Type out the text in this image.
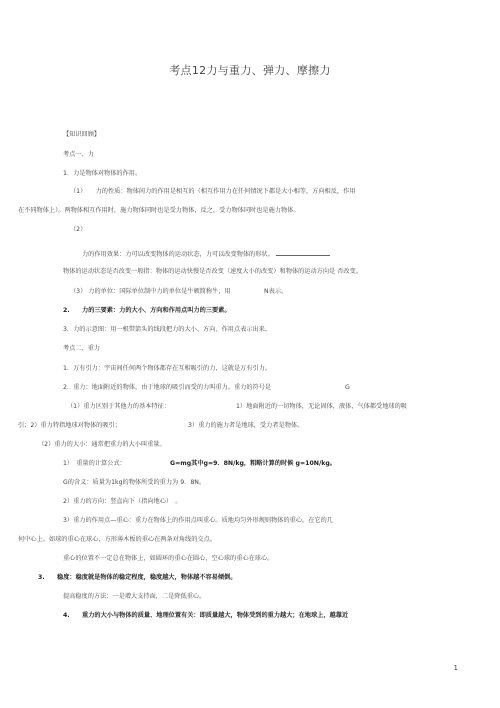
考点12力与重力、弹力、摩擦力
【知识回顾】
考点一、力
1．力是物体对物体的作用。
（1）　　力的性质：物体间力的作用是相互的（相互作用力在任何情况下都是大小相等，方向相反，作用
在不同物体上）。两物体相互作用时，施力物体同时也是受力物体，反之，受力物体同时也是施力物体。
（2）
力的作用效果：力可以改变物体的运动状态，力可以改变物体的形状。
物体的运动状态是否改变一般指：物体的运动快慢是否改变（速度大小的改变）和物体的运动方向是 否改变。
（3） 力的单位：国际单位制中力的单位是牛顿简称牛，用	N表示。
2.　　力的三要素：力的大小、方向和作用点叫力的三要素。
3．力的示意图：用一根带箭头的线段把力的大小、方向、作用点表示出来。
考点二、重力
1．万有引力：宇宙间任何两个物体都存在互相吸引的力，这就是万有引力。
2．重力：地面附近的物体，由于地球的吸引而受的力叫重力。重力的符号是	G
（1）重力区别于其他力的基本特征：	1）地面附近的一切物体，无论固体，液体，气体都受地球的吸
引；2）重力特指地球对物体的吸引；	3）重力的施力者是地球，受力者是物体。
（2）重力的大小：通常把重力的大小叫重量。
1）　重量的计算公式：	G=mg其中g=9．8N/kg，粗略计算的时候 g=10N/kg。
G的含义：质量为1kg的物体所受的重力为 9．8N。
2）重力的方向：竖直向下（指向地心）　。
3）重力的作用点—重心：重力在物体上的作用点叫重心。质地均匀外形规则物体的重心，在它的几
何中心上。如球的重心在球心，方形薄木板的重心在两条对角线的交点。
重心的位置不一定总在物体上，如圆环的重心在圆心，空心球的重心在球心。
3.　　稳度：稳度就是物体的稳定程度，稳度越大，物体越不容易倾倒。
提高稳度的方法：一是增大支持面，二是降低重心。
4.　　重力的大小与物体的质量、地理位置有关：即质量越大，物体受到的重力越大；在地球上，越靠近
1
